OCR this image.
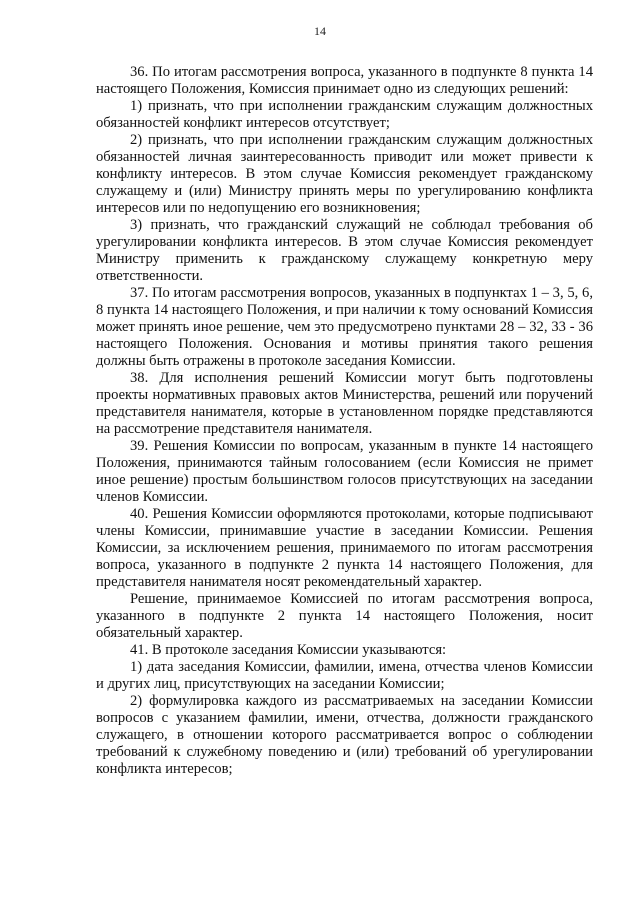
14

36. По итогам рассмотрения вопроса, указанного в подпункте 8 пункта 14 настоящего Положения, Комиссия принимает одно из следующих решений:

1) признать, что при исполнении гражданским служащим должностных обязанностей конфликт интересов отсутствует;

2) признать, что при исполнении гражданским служащим должностных обязанностей личная заинтересованность приводит или может привести к конфликту интересов. В этом случае Комиссия рекомендует гражданскому служащему и (или) Министру принять меры по урегулированию конфликта интересов или по недопущению его возникновения;

3) признать, что гражданский служащий не соблюдал требования об урегулировании конфликта интересов. В этом случае Комиссия рекомендует Министру применить к гражданскому служащему конкретную меру ответственности.

37. По итогам рассмотрения вопросов, указанных в подпунктах 1 – 3, 5, 6, 8 пункта 14 настоящего Положения, и при наличии к тому оснований Комиссия может принять иное решение, чем это предусмотрено пунктами 28 – 32, 33 - 36 настоящего Положения. Основания и мотивы принятия такого решения должны быть отражены в протоколе заседания Комиссии.

38. Для исполнения решений Комиссии могут быть подготовлены проекты нормативных правовых актов Министерства, решений или поручений представителя нанимателя, которые в установленном порядке представляются на рассмотрение представителя нанимателя.

39. Решения Комиссии по вопросам, указанным в пункте 14 настоящего Положения, принимаются тайным голосованием (если Комиссия не примет иное решение) простым большинством голосов присутствующих на заседании членов Комиссии.

40. Решения Комиссии оформляются протоколами, которые подписывают члены Комиссии, принимавшие участие в заседании Комиссии. Решения Комиссии, за исключением решения, принимаемого по итогам рассмотрения вопроса, указанного в подпункте 2 пункта 14 настоящего Положения, для представителя нанимателя носят рекомендательный характер.

Решение, принимаемое Комиссией по итогам рассмотрения вопроса, указанного в подпункте 2 пункта 14 настоящего Положения, носит обязательный характер.

41. В протоколе заседания Комиссии указываются:

1) дата заседания Комиссии, фамилии, имена, отчества членов Комиссии и других лиц, присутствующих на заседании Комиссии;

2) формулировка каждого из рассматриваемых на заседании Комиссии вопросов с указанием фамилии, имени, отчества, должности гражданского служащего, в отношении которого рассматривается вопрос о соблюдении требований к служебному поведению и (или) требований об урегулировании конфликта интересов;
